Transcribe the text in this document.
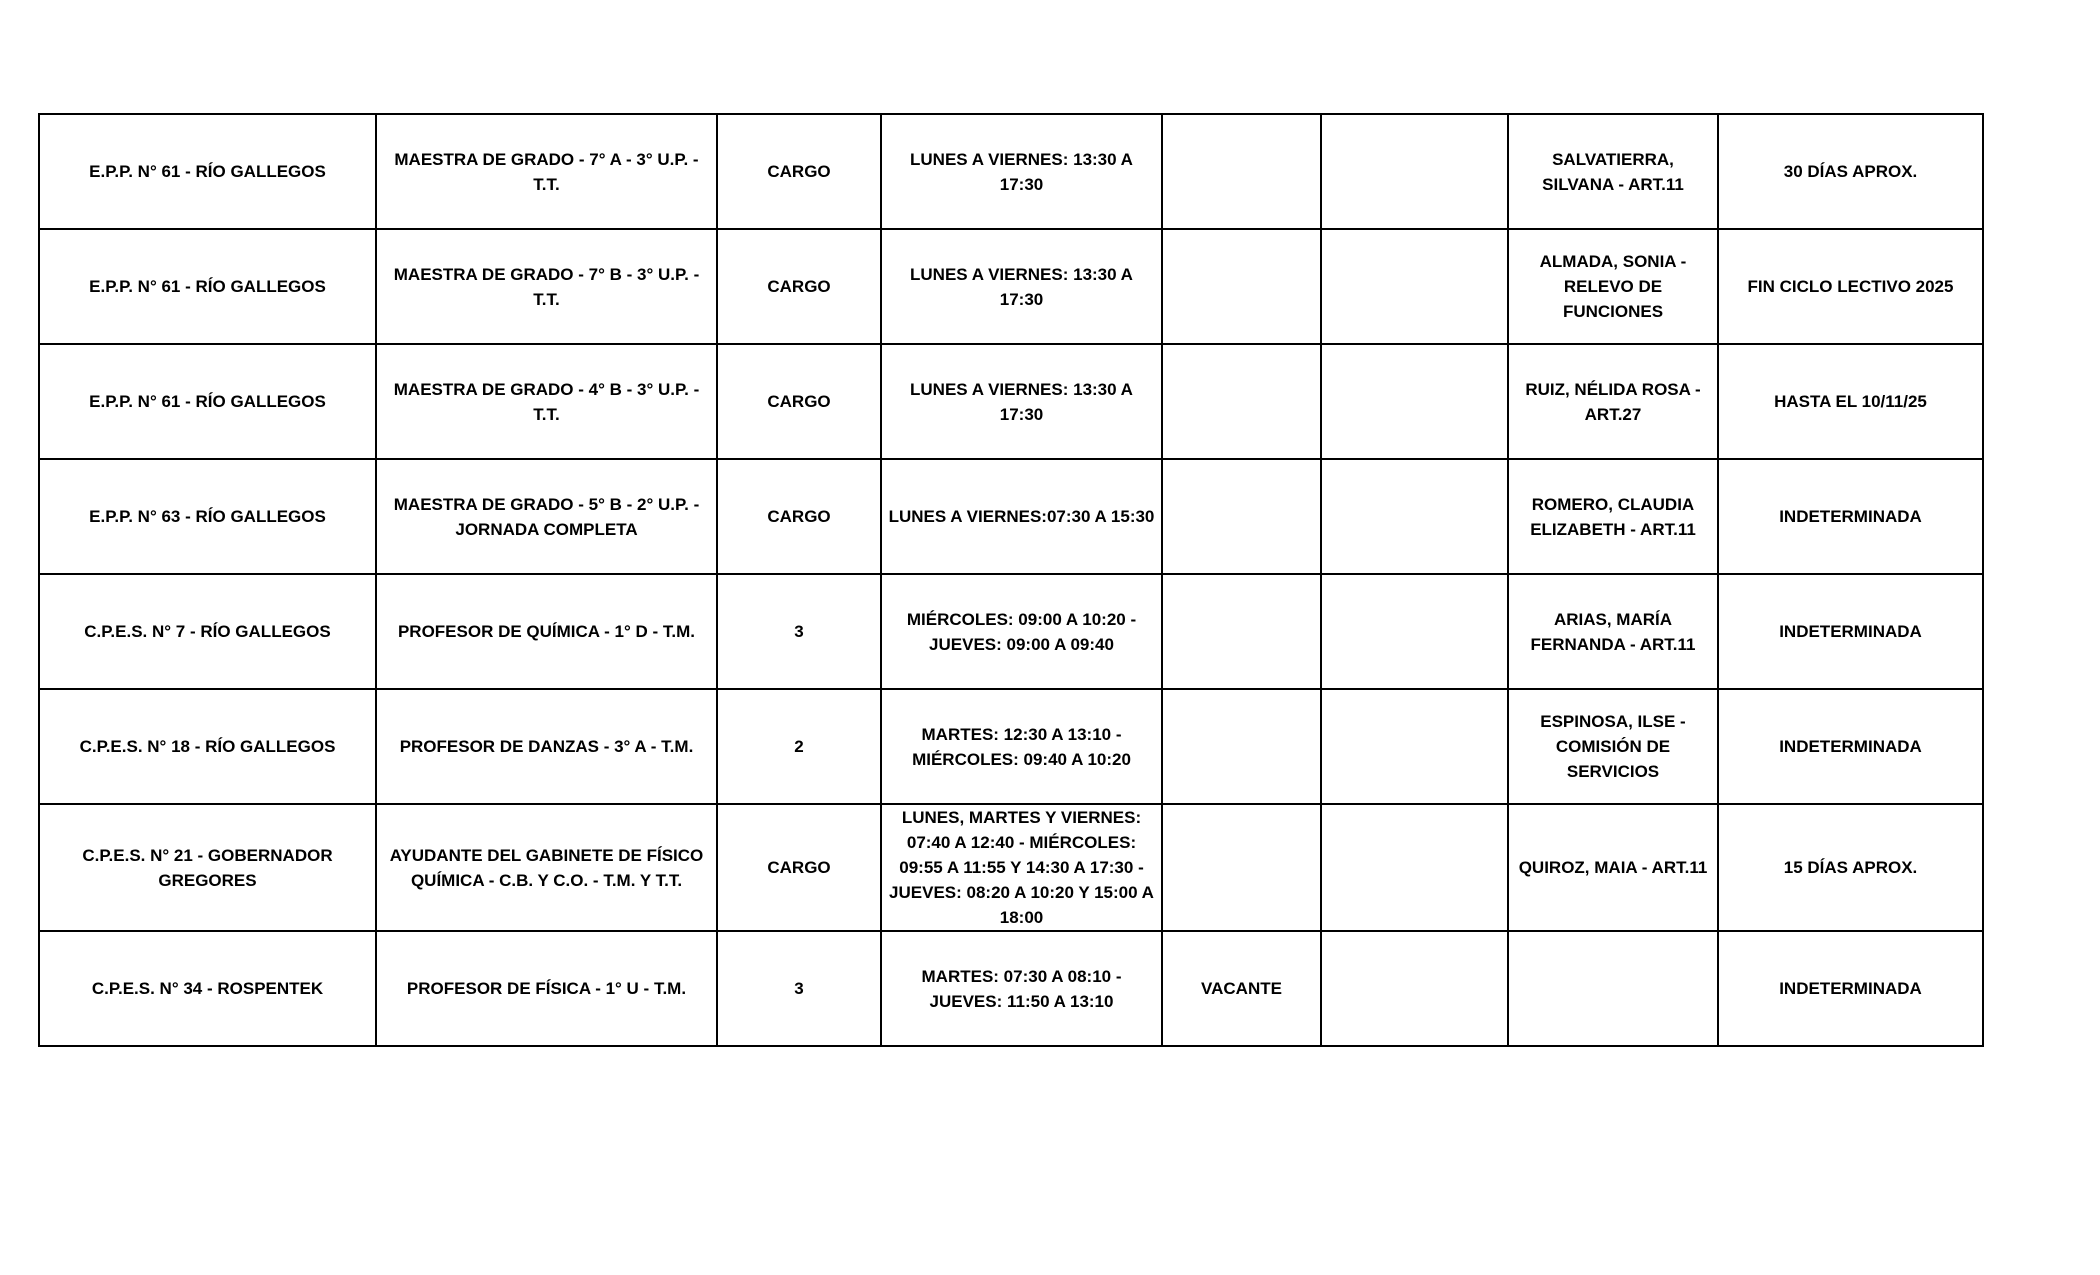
E.P.P. N° 61 - RÍO GALLEGOS	MAESTRA DE GRADO - 7° A - 3° U.P. - T.T.	CARGO	LUNES A VIERNES: 13:30 A 17:30			SALVATIERRA, SILVANA - ART.11	30 DÍAS APROX.
E.P.P. N° 61 - RÍO GALLEGOS	MAESTRA DE GRADO - 7° B - 3° U.P. - T.T.	CARGO	LUNES A VIERNES: 13:30 A 17:30			ALMADA, SONIA - RELEVO DE FUNCIONES	FIN CICLO LECTIVO 2025
E.P.P. N° 61 - RÍO GALLEGOS	MAESTRA DE GRADO - 4° B - 3° U.P. - T.T.	CARGO	LUNES A VIERNES: 13:30 A 17:30			RUIZ, NÉLIDA ROSA - ART.27	HASTA EL 10/11/25
E.P.P. N° 63 - RÍO GALLEGOS	MAESTRA DE GRADO - 5° B - 2° U.P. - JORNADA COMPLETA	CARGO	LUNES A VIERNES:07:30 A 15:30			ROMERO, CLAUDIA ELIZABETH - ART.11	INDETERMINADA
C.P.E.S. N° 7 - RÍO GALLEGOS	PROFESOR DE QUÍMICA - 1° D - T.M.	3	MIÉRCOLES: 09:00 A 10:20 - JUEVES: 09:00 A 09:40			ARIAS, MARÍA FERNANDA - ART.11	INDETERMINADA
C.P.E.S. N° 18 - RÍO GALLEGOS	PROFESOR DE DANZAS - 3° A - T.M.	2	MARTES: 12:30 A 13:10 - MIÉRCOLES: 09:40 A 10:20			ESPINOSA, ILSE - COMISIÓN DE SERVICIOS	INDETERMINADA
C.P.E.S. N° 21 - GOBERNADOR GREGORES	AYUDANTE DEL GABINETE DE FÍSICO QUÍMICA - C.B. Y C.O. - T.M. Y T.T.	CARGO	LUNES, MARTES Y VIERNES: 07:40 A 12:40 - MIÉRCOLES: 09:55 A 11:55 Y 14:30 A 17:30 - JUEVES: 08:20 A 10:20 Y 15:00 A 18:00			QUIROZ, MAIA - ART.11	15 DÍAS APROX.
C.P.E.S. N° 34 - ROSPENTEK	PROFESOR DE FÍSICA - 1° U - T.M.	3	MARTES: 07:30 A 08:10 - JUEVES: 11:50 A 13:10	VACANTE			INDETERMINADA
